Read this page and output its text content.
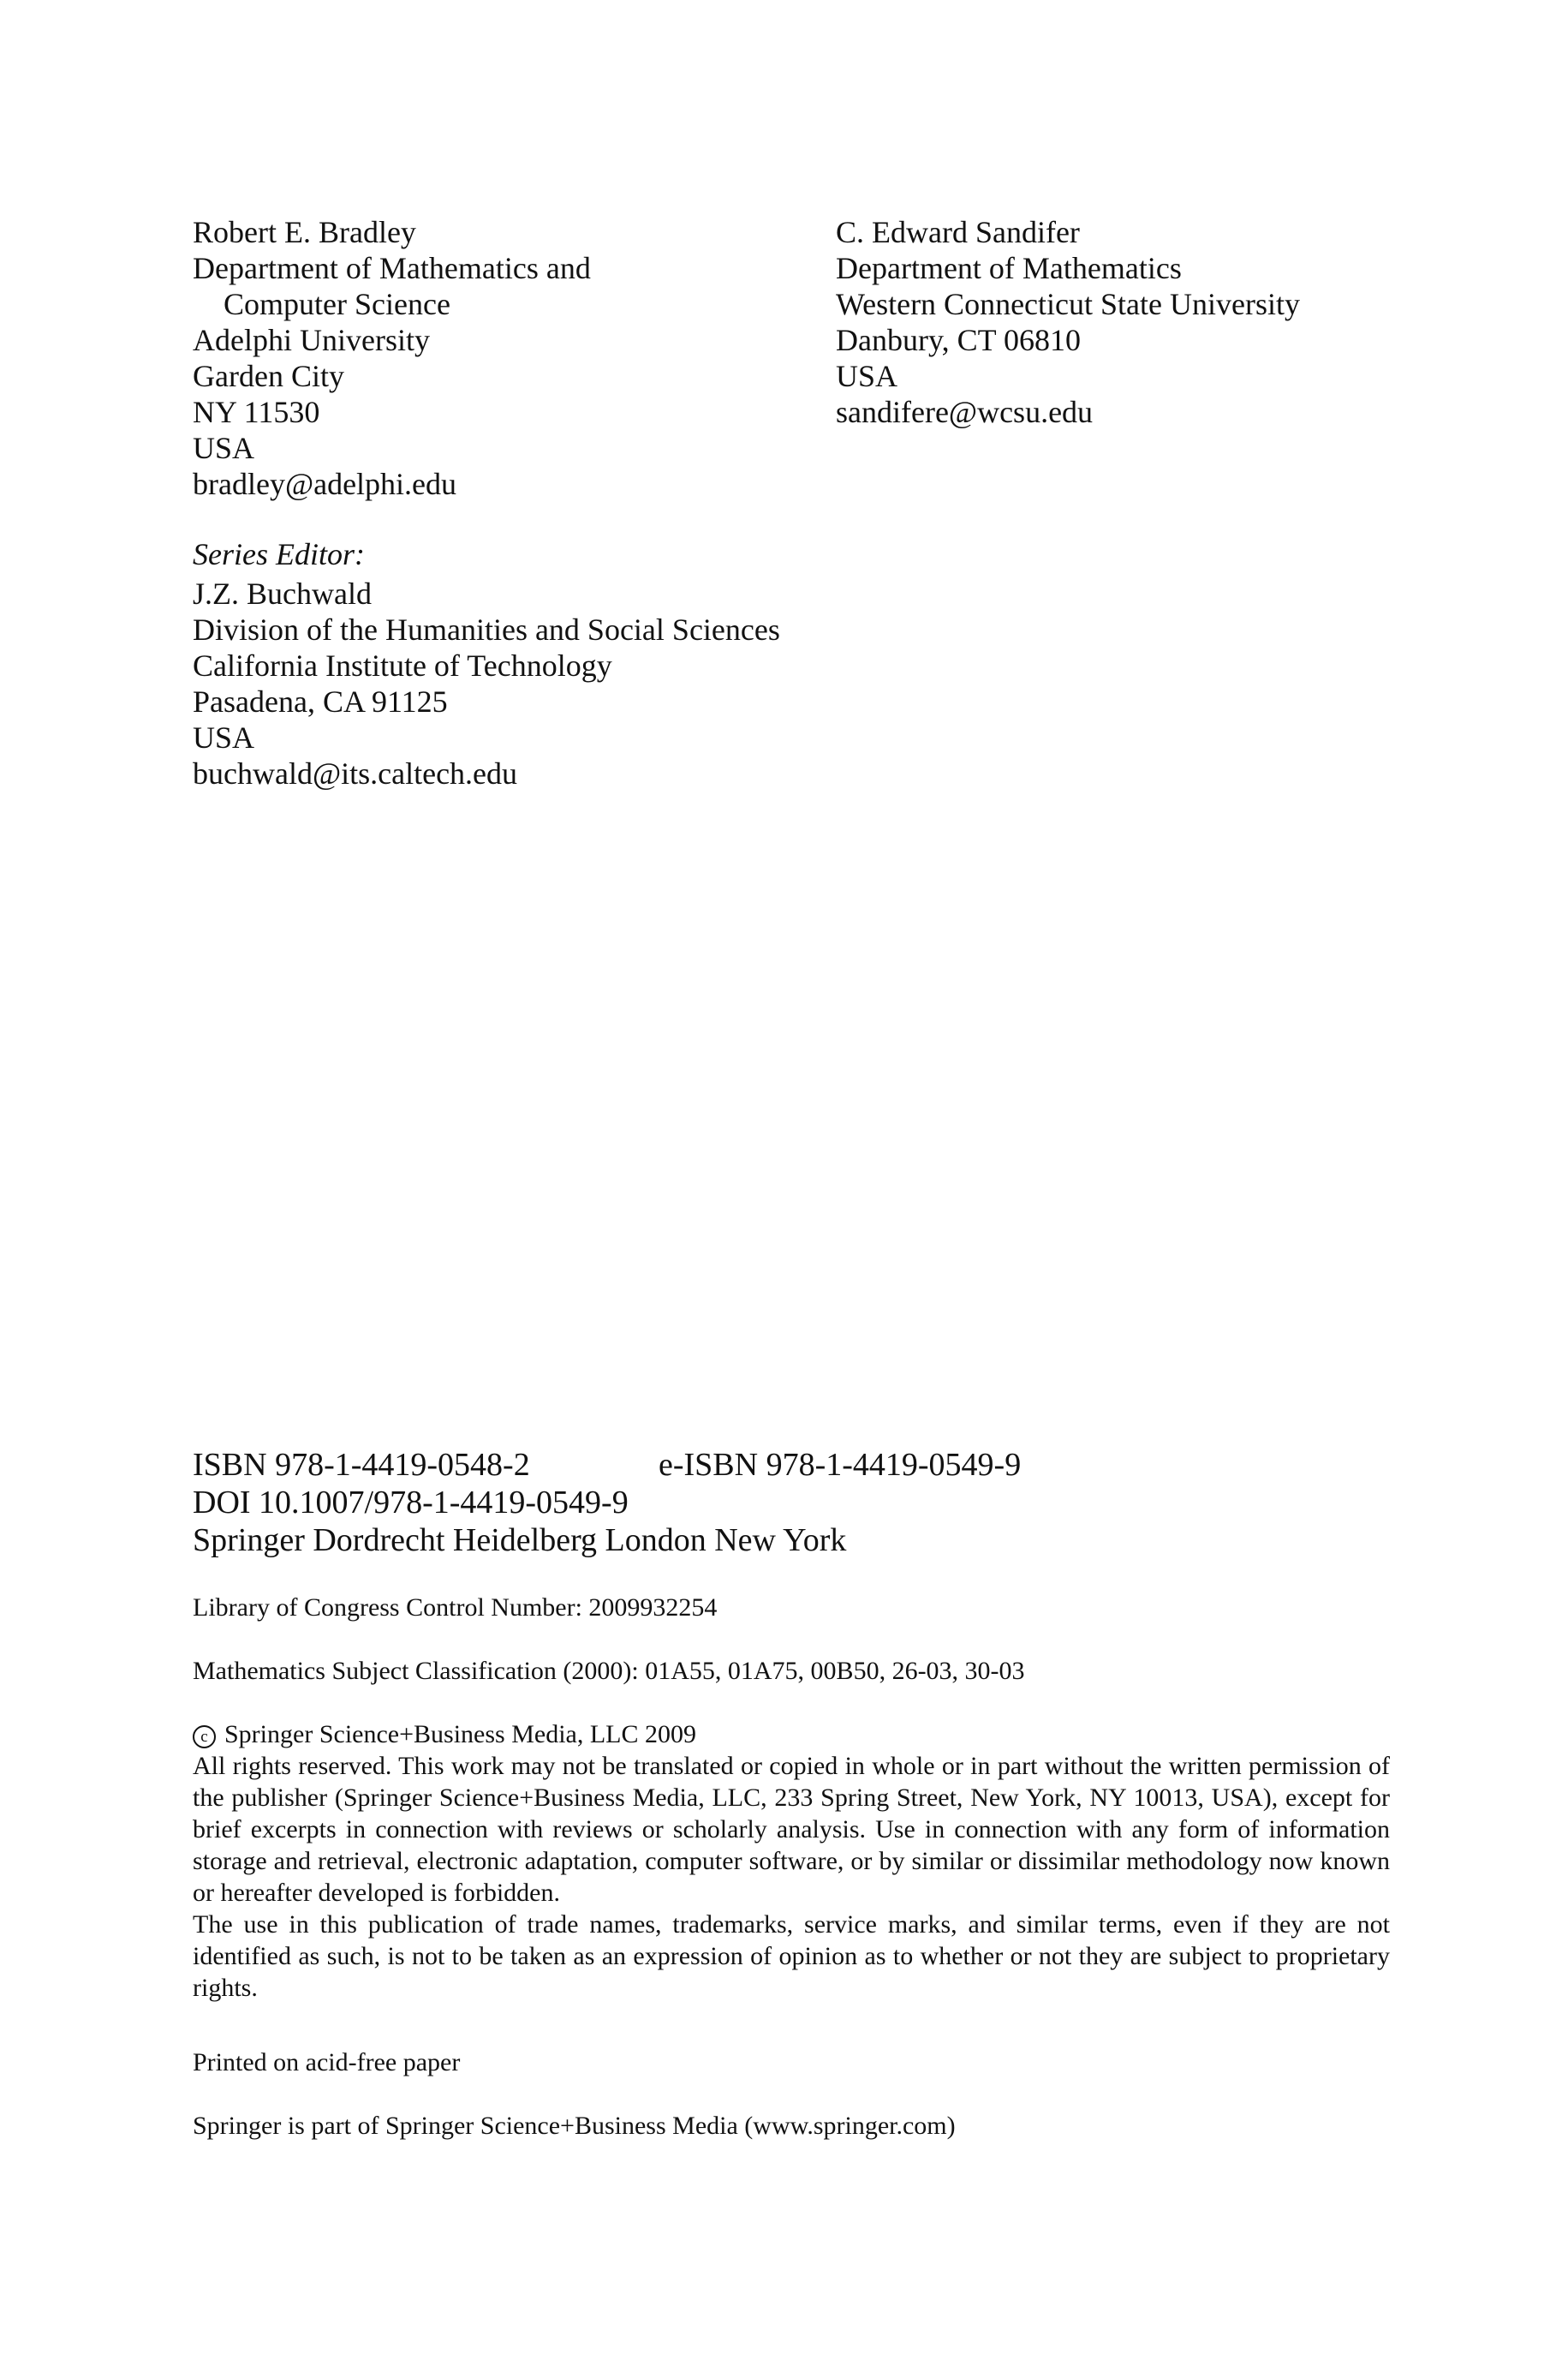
Robert E. Bradley
Department of Mathematics and
Computer Science
Adelphi University
Garden City
NY 11530
USA
bradley@adelphi.edu
C. Edward Sandifer
Department of Mathematics
Western Connecticut State University
Danbury, CT 06810
USA
sandifere@wcsu.edu
Series Editor:
J.Z. Buchwald
Division of the Humanities and Social Sciences
California Institute of Technology
Pasadena, CA 91125
USA
buchwald@its.caltech.edu
ISBN 978-1-4419-0548-2	e-ISBN 978-1-4419-0549-9
DOI 10.1007/978-1-4419-0549-9
Springer Dordrecht Heidelberg London New York
Library of Congress Control Number: 2009932254
Mathematics Subject Classification (2000): 01A55, 01A75, 00B50, 26-03, 30-03
c Springer Science+Business Media, LLC 2009

All rights reserved. This work may not be translated or copied in whole or in part without the written permission of the publisher (Springer Science+Business Media, LLC, 233 Spring Street, New York, NY 10013, USA), except for brief excerpts in connection with reviews or scholarly analysis. Use in connection with any form of information storage and retrieval, electronic adaptation, computer software, or by similar or dissimilar methodology now known or hereafter developed is forbidden.

The use in this publication of trade names, trademarks, service marks, and similar terms, even if they are not identified as such, is not to be taken as an expression of opinion as to whether or not they are subject to proprietary rights.

Printed on acid-free paper
Springer is part of Springer Science+Business Media (www.springer.com)
